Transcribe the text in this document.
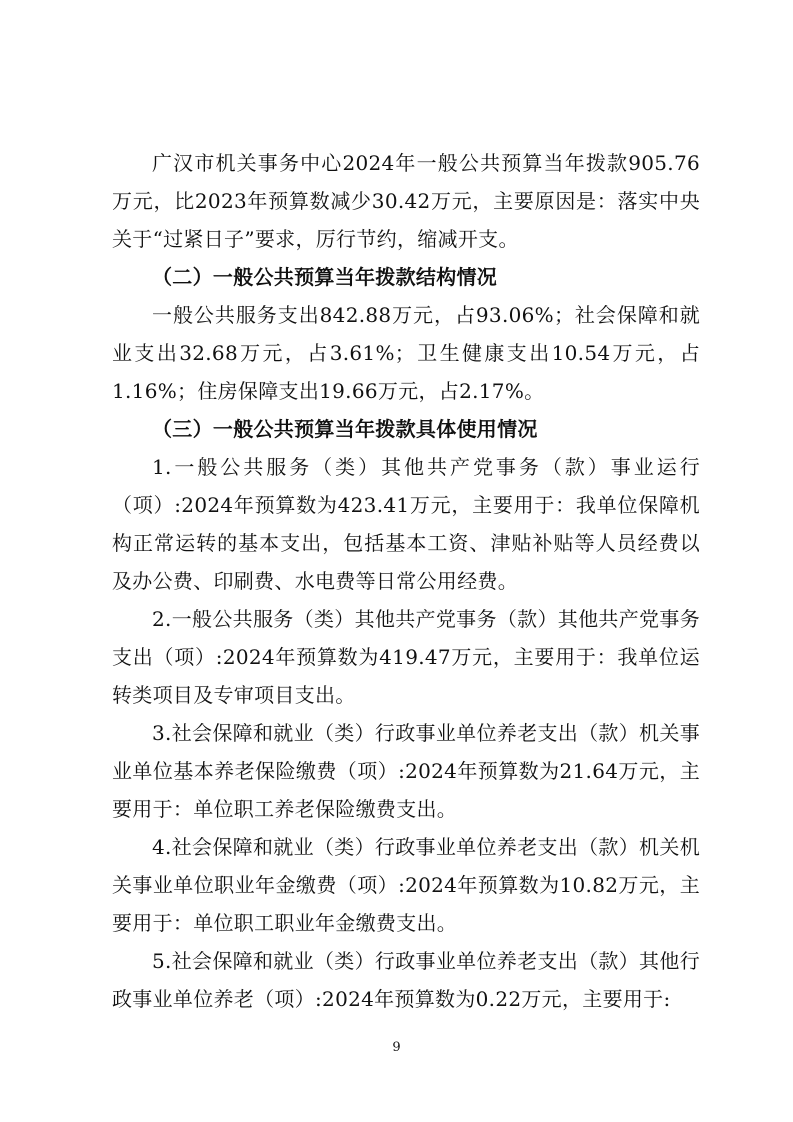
广汉市机关事务中心2024年一般公共预算当年拨款905.76万元，比2023年预算数减少30.42万元，主要原因是：落实中央关于“过紧日子”要求，厉行节约，缩减开支。

（二）一般公共预算当年拨款结构情况

一般公共服务支出842.88万元，占93.06%；社会保障和就业支出32.68万元，占3.61%；卫生健康支出10.54万元，占1.16%；住房保障支出19.66万元，占2.17%。

（三）一般公共预算当年拨款具体使用情况

1.一般公共服务（类）其他共产党事务（款）事业运行（项）:2024年预算数为423.41万元，主要用于：我单位保障机构正常运转的基本支出，包括基本工资、津贴补贴等人员经费以及办公费、印刷费、水电费等日常公用经费。

2.一般公共服务（类）其他共产党事务（款）其他共产党事务支出（项）:2024年预算数为419.47万元，主要用于：我单位运转类项目及专审项目支出。

3.社会保障和就业（类）行政事业单位养老支出（款）机关事业单位基本养老保险缴费（项）:2024年预算数为21.64万元，主要用于：单位职工养老保险缴费支出。

4.社会保障和就业（类）行政事业单位养老支出（款）机关机关事业单位职业年金缴费（项）:2024年预算数为10.82万元，主要用于：单位职工职业年金缴费支出。

5.社会保障和就业（类）行政事业单位养老支出（款）其他行政事业单位养老（项）:2024年预算数为0.22万元，主要用于:

9
